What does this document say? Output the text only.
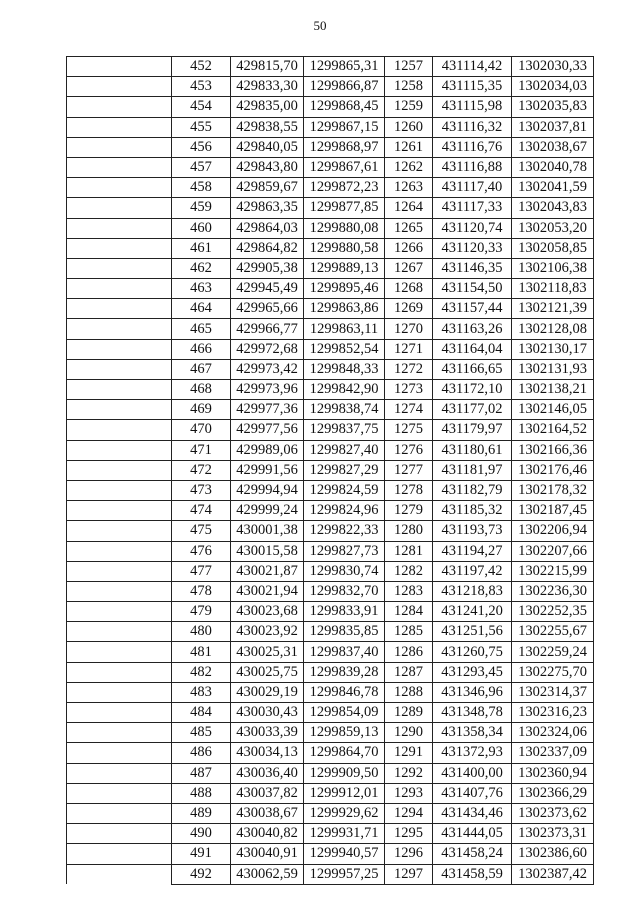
50
	452	429815,70	1299865,31	1257	431114,42	1302030,33
	453	429833,30	1299866,87	1258	431115,35	1302034,03
	454	429835,00	1299868,45	1259	431115,98	1302035,83
	455	429838,55	1299867,15	1260	431116,32	1302037,81
	456	429840,05	1299868,97	1261	431116,76	1302038,67
	457	429843,80	1299867,61	1262	431116,88	1302040,78
	458	429859,67	1299872,23	1263	431117,40	1302041,59
	459	429863,35	1299877,85	1264	431117,33	1302043,83
	460	429864,03	1299880,08	1265	431120,74	1302053,20
	461	429864,82	1299880,58	1266	431120,33	1302058,85
	462	429905,38	1299889,13	1267	431146,35	1302106,38
	463	429945,49	1299895,46	1268	431154,50	1302118,83
	464	429965,66	1299863,86	1269	431157,44	1302121,39
	465	429966,77	1299863,11	1270	431163,26	1302128,08
	466	429972,68	1299852,54	1271	431164,04	1302130,17
	467	429973,42	1299848,33	1272	431166,65	1302131,93
	468	429973,96	1299842,90	1273	431172,10	1302138,21
	469	429977,36	1299838,74	1274	431177,02	1302146,05
	470	429977,56	1299837,75	1275	431179,97	1302164,52
	471	429989,06	1299827,40	1276	431180,61	1302166,36
	472	429991,56	1299827,29	1277	431181,97	1302176,46
	473	429994,94	1299824,59	1278	431182,79	1302178,32
	474	429999,24	1299824,96	1279	431185,32	1302187,45
	475	430001,38	1299822,33	1280	431193,73	1302206,94
	476	430015,58	1299827,73	1281	431194,27	1302207,66
	477	430021,87	1299830,74	1282	431197,42	1302215,99
	478	430021,94	1299832,70	1283	431218,83	1302236,30
	479	430023,68	1299833,91	1284	431241,20	1302252,35
	480	430023,92	1299835,85	1285	431251,56	1302255,67
	481	430025,31	1299837,40	1286	431260,75	1302259,24
	482	430025,75	1299839,28	1287	431293,45	1302275,70
	483	430029,19	1299846,78	1288	431346,96	1302314,37
	484	430030,43	1299854,09	1289	431348,78	1302316,23
	485	430033,39	1299859,13	1290	431358,34	1302324,06
	486	430034,13	1299864,70	1291	431372,93	1302337,09
	487	430036,40	1299909,50	1292	431400,00	1302360,94
	488	430037,82	1299912,01	1293	431407,76	1302366,29
	489	430038,67	1299929,62	1294	431434,46	1302373,62
	490	430040,82	1299931,71	1295	431444,05	1302373,31
	491	430040,91	1299940,57	1296	431458,24	1302386,60
	492	430062,59	1299957,25	1297	431458,59	1302387,42
